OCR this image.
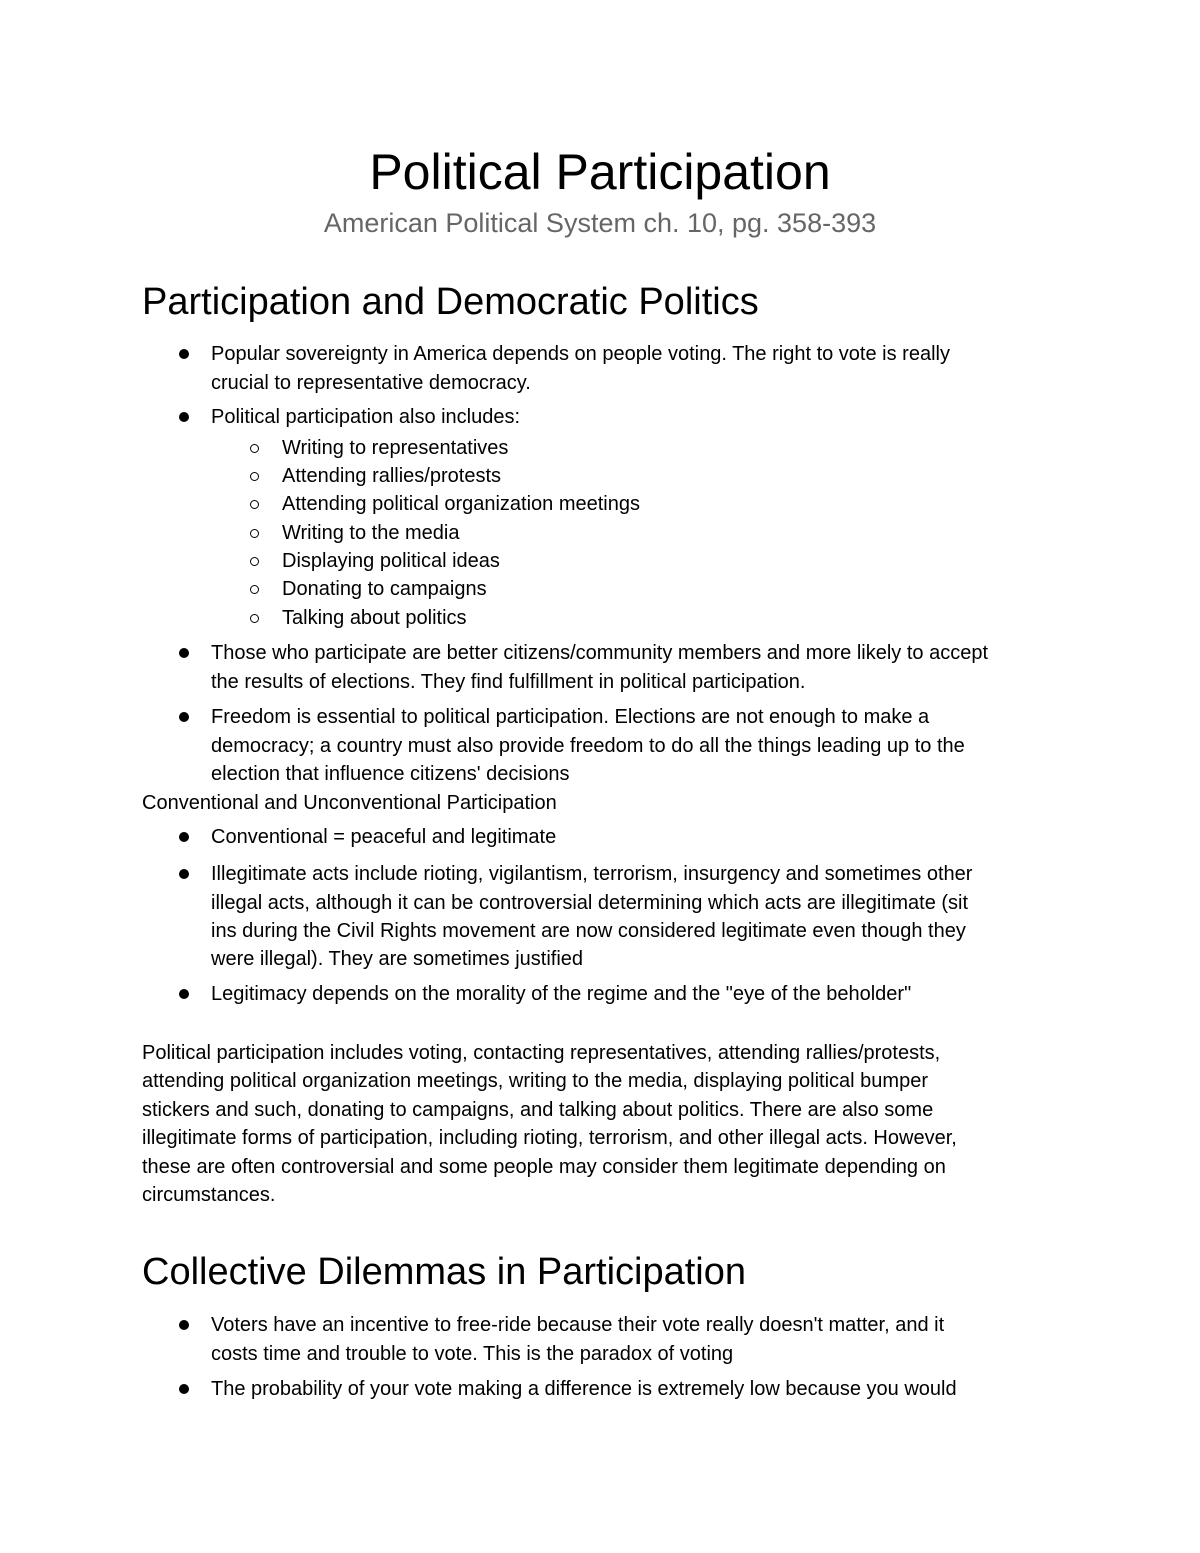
Political Participation
American Political System ch. 10, pg. 358-393
Participation and Democratic Politics
Popular sovereignty in America depends on people voting. The right to vote is really
crucial to representative democracy.
Political participation also includes:
Writing to representatives
Attending rallies/protests
Attending political organization meetings
Writing to the media
Displaying political ideas
Donating to campaigns
Talking about politics
Those who participate are better citizens/community members and more likely to accept
the results of elections. They find fulfillment in political participation.
Freedom is essential to political participation. Elections are not enough to make a
democracy; a country must also provide freedom to do all the things leading up to the
election that influence citizens' decisions
Conventional and Unconventional Participation
Conventional = peaceful and legitimate
Illegitimate acts include rioting, vigilantism, terrorism, insurgency and sometimes other
illegal acts, although it can be controversial determining which acts are illegitimate (sit
ins during the Civil Rights movement are now considered legitimate even though they
were illegal). They are sometimes justified
Legitimacy depends on the morality of the regime and the "eye of the beholder"
Political participation includes voting, contacting representatives, attending rallies/protests,
attending political organization meetings, writing to the media, displaying political bumper
stickers and such, donating to campaigns, and talking about politics. There are also some
illegitimate forms of participation, including rioting, terrorism, and other illegal acts. However,
these are often controversial and some people may consider them legitimate depending on
circumstances.
Collective Dilemmas in Participation
Voters have an incentive to free-ride because their vote really doesn't matter, and it
costs time and trouble to vote. This is the paradox of voting
The probability of your vote making a difference is extremely low because you would
